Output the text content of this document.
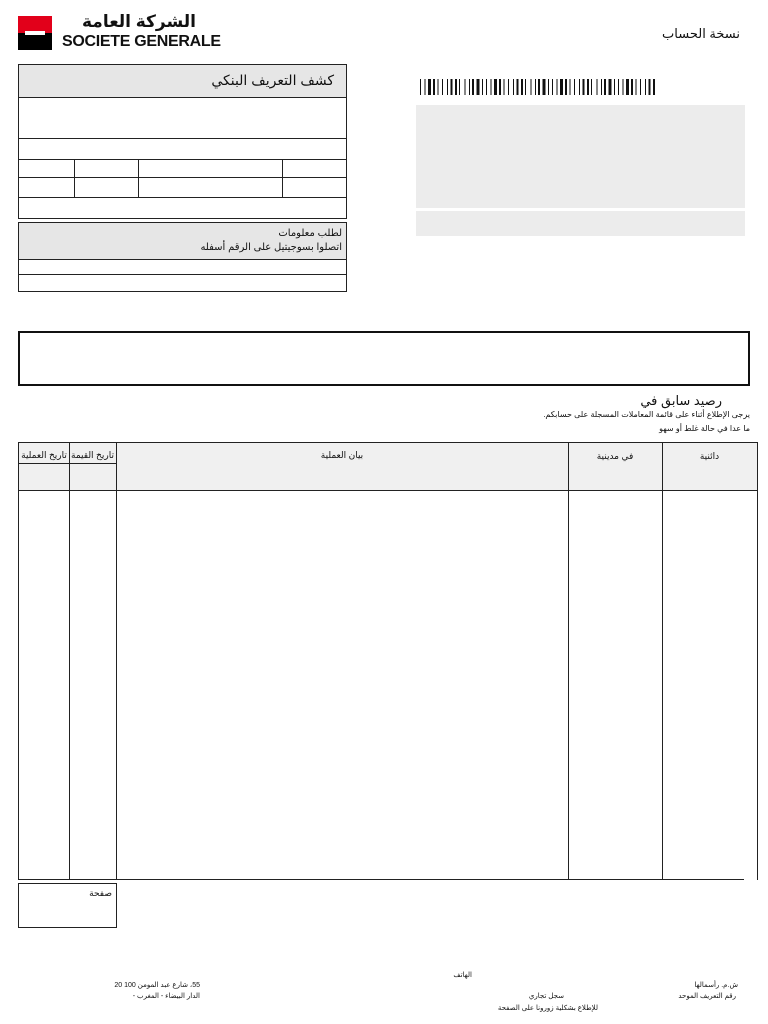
الشركة العامة
SOCIETE GENERALE	نسخة الحساب
كشف التعريف البنكي
لطلب معلومات
اتصلوا بسوجيتيل على الرقم أسفله
رصيد سابق في
يرجى الإطلاع أثناء على قائمة المعاملات المسجلة على حسابكم.
ما عدا في حالة غلط أو سهو
تاريخ العملية تاريخ القيمة	بيان العملية	في مدينية	دائنية
صفحة
55، شارع عبد المومن 100 20
الدار البيضاء - المغرب -
الهاتف
سجل تجاري
للإطلاع بشكلية زورونا على الصفحة
ش.م. رأسمالها
رقم التعريف الموحد
